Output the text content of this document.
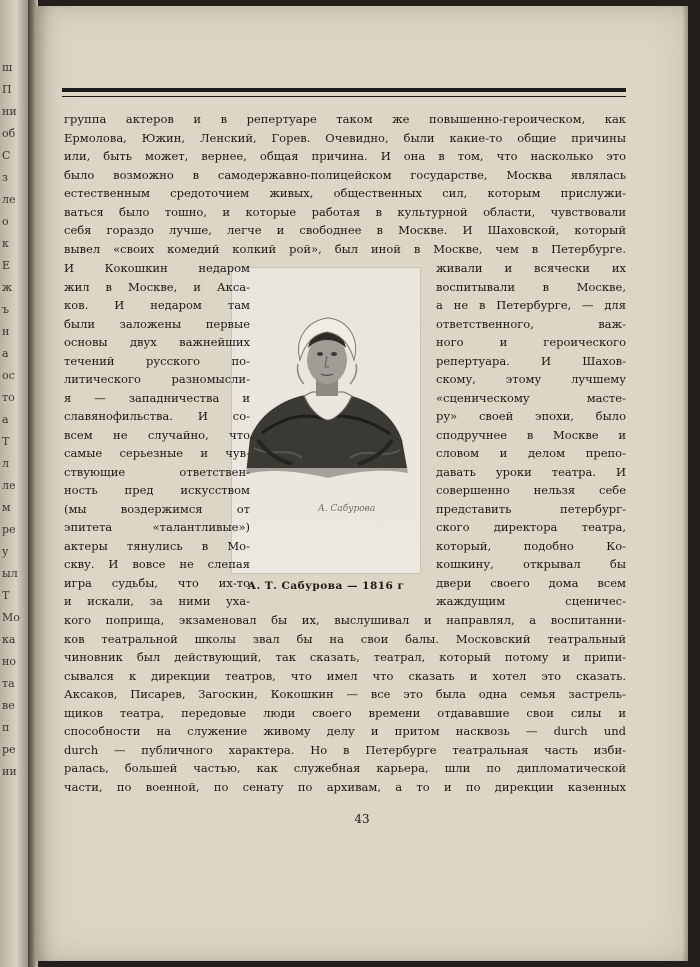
ш
П
ни
об
С
з
ле
о
к
Е
ж
ъ
н
а
ос
то
а
Т
л
ле
м
ре
у
ыл
Т
Мо
ка
но
та
ве
п
ре
ии
А. Сабурова
А. Т. Сабурова — 1816 г
43
группа актеров и в репертуаре таком же повышенно-героическом, как
Ермолова, Южин, Ленский, Горев. Очевидно, были какие-то общие причины
или, быть может, вернее, общая причина. И она в том, что насколько это
было возможно в самодержавно-полицейском государстве, Москва являлась
естественным средоточием живых, общественных сил, которым прислужи-
ваться было тошно, и которые работая в культурной области, чувствовали
себя гораздо лучше, легче и свободнее в Москве. И Шаховской, который
вывел «своих комедий колкий рой», был иной в Москве, чем в Петербурге.
И Кокошкин недаром
жил в Москве, и Акса-
ков. И недаром там
были заложены первые
основы двух важнейших
течений русского по-
литического разномысли-
я — западничества и
славянофильства. И со-
всем не случайно, что
самые серьезные и чув-
ствующие ответствен-
ность пред искусством
(мы воздержимся от
эпитета «талантливые»)
актеры тянулись в Мо-
скву. И вовсе не слепая
игра судьбы, что их-то
и искали, за ними уха-
живали и всячески их
воспитывали в Москве,
а не в Петербурге, — для
ответственного, важ-
ного и героического
репертуара. И Шахов-
скому, этому лучшему
«сценическому масте-
ру» своей эпохи, было
сподручнее в Москве и
словом и делом препо-
давать уроки театра. И
совершенно нельзя себе
представить петербург-
ского директора театра,
который, подобно Ко-
кошкину, открывал бы
двери своего дома всем
жаждущим сценичес-
кого поприща, экзаменовал бы их, выслушивал и направлял, а воспитанни-
ков театральной школы звал бы на свои балы. Московский театральный
чиновник был действующий, так сказать, театрал, который потому и припи-
сывался к дирекции театров, что имел что сказать и хотел это сказать.
Аксаков, Писарев, Загоскин, Кокошкин — все это была одна семья застрель-
щиков театра, передовые люди своего времени отдававшие свои силы и
способности на служение живому делу и притом насквозь — durch und
durch — публичного характера. Но в Петербурге театральная часть изби-
ралась, большей частью, как служебная карьера, шли по дипломатической
части, по военной, по сенату по архивам, а то и по дирекции казенных
